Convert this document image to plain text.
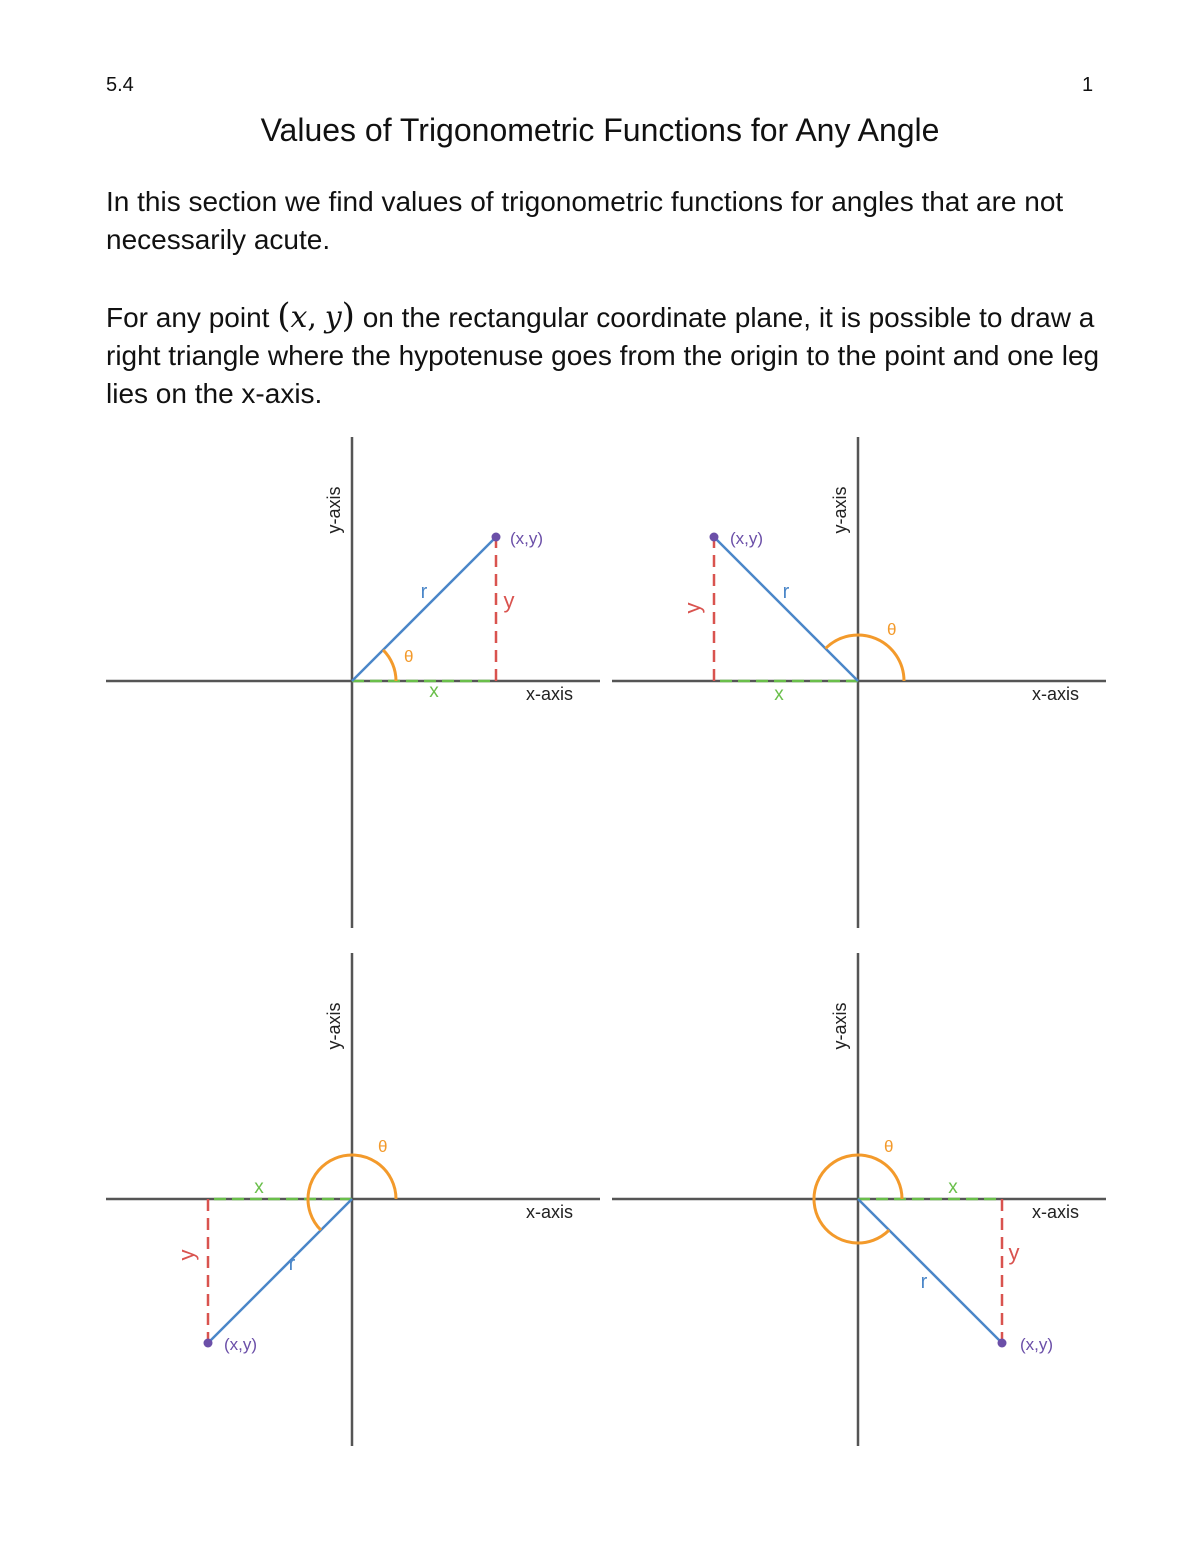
5.4	1
Values of Trigonometric Functions for Any Angle

In this section we find values of trigonometric functions for angles that are not necessarily acute.

For any point (x, y) on the rectangular coordinate plane, it is possible to draw a right triangle where the hypotenuse goes from the origin to the point and one leg lies on the x-axis.

x-axis
y-axis
(x,y)
θ
x
y
r
x-axis
y-axis
(x,y)
θ
x
y
r
x-axis
y-axis
(x,y)
θ
x
y	r
x-axis
y-axis
(x,y)
θ
x
y
r
